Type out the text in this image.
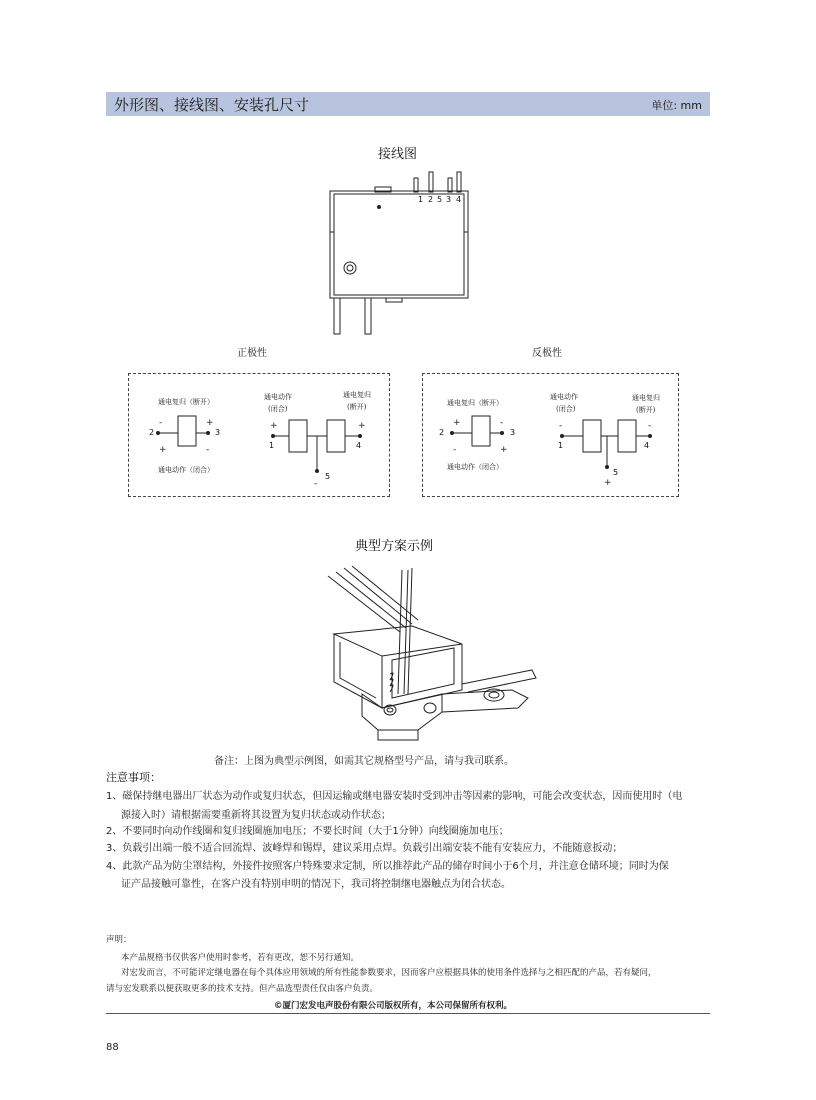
外形图、接线图、安装孔尺寸	单位: mm
接线图
1 2 5 3 4
正极性	反极性
-
+
+
-
+	+
-
通电复归（断开）
通电动作（闭合）
2	3
通电动作
(闭合)
通电复归
(断开)
1	4
5
+
-
-
+
-	-
+
通电复归（断开）
通电动作（闭合）
2	3
通电动作
(闭合)
通电复归
(断开)
1	4
5
典型方案示例
备注：上图为典型示例图，如需其它规格型号产品，请与我司联系。
注意事项：
1、磁保持继电器出厂状态为动作或复归状态，但因运输或继电器安装时受到冲击等因素的影响，可能会改变状态，因而使用时（电
源接入时）请根据需要重新将其设置为复归状态或动作状态；
2、不要同时向动作线圈和复归线圈施加电压；不要长时间（大于1分钟）向线圈施加电压；
3、负载引出端一般不适合回流焊、波峰焊和锡焊，建议采用点焊。负载引出端安装不能有安装应力，不能随意扳动；
4、此款产品为防尘罩结构，外接件按照客户特殊要求定制，所以推荐此产品的储存时间小于6个月，并注意仓储环境；同时为保
证产品接触可靠性，在客户没有特别申明的情况下，我司将控制继电器触点为闭合状态。
声明：
本产品规格书仅供客户使用时参考，若有更改，恕不另行通知。
对宏发而言，不可能评定继电器在每个具体应用领域的所有性能参数要求，因而客户应根据具体的使用条件选择与之相匹配的产品，若有疑问，
请与宏发联系以便获取更多的技术支持。但产品选型责任仅由客户负责。
©厦门宏发电声股份有限公司版权所有，本公司保留所有权利。
88
